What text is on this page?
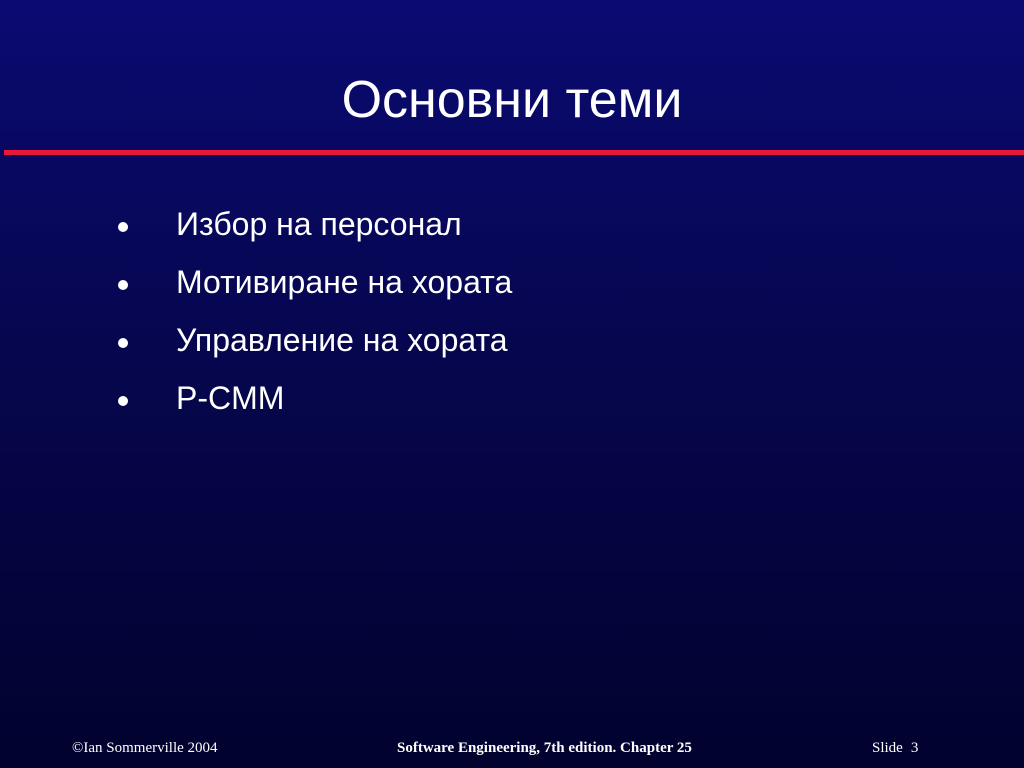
Основни теми
Избор на персонал
Мотивиране на хората
Управление на хората
P-CMM
©Ian Sommerville 2004	Software Engineering, 7th edition. Chapter 25	Slide 3
